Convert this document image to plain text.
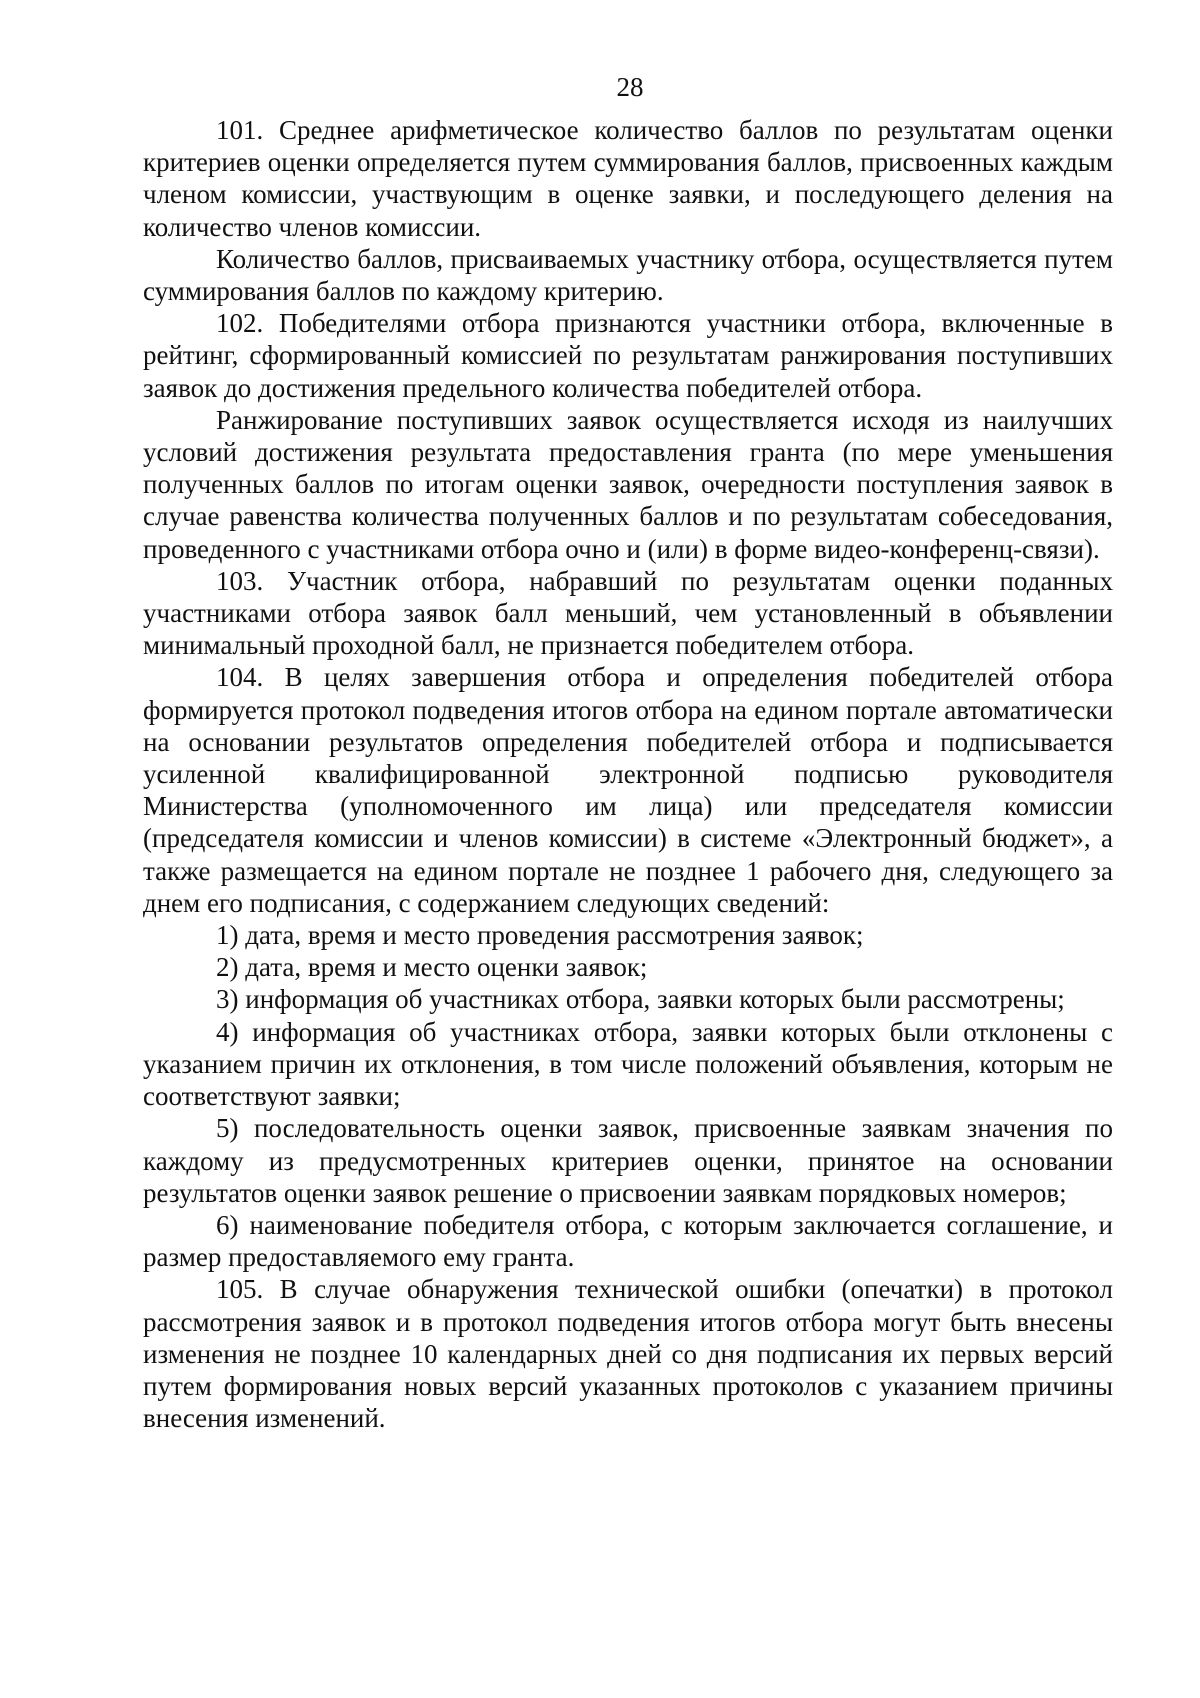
28

101. Среднее арифметическое количество баллов по результатам оценки критериев оценки определяется путем суммирования баллов, присвоенных каждым членом комиссии, участвующим в оценке заявки, и последующего деления на количество членов комиссии.

Количество баллов, присваиваемых участнику отбора, осуществляется путем суммирования баллов по каждому критерию.

102. Победителями отбора признаются участники отбора, включенные в рейтинг, сформированный комиссией по результатам ранжирования поступивших заявок до достижения предельного количества победителей отбора.

Ранжирование поступивших заявок осуществляется исходя из наилучших условий достижения результата предоставления гранта (по мере уменьшения полученных баллов по итогам оценки заявок, очередности поступления заявок в случае равенства количества полученных баллов и по результатам собеседования, проведенного с участниками отбора очно и (или) в форме видео-конференц-связи).

103. Участник отбора, набравший по результатам оценки поданных участниками отбора заявок балл меньший, чем установленный в объявлении минимальный проходной балл, не признается победителем отбора.

104. В целях завершения отбора и определения победителей отбора формируется протокол подведения итогов отбора на едином портале автоматически на основании результатов определения победителей отбора и подписывается усиленной квалифицированной электронной подписью руководителя Министерства (уполномоченного им лица) или председателя комиссии (председателя комиссии и членов комиссии) в системе «Электронный бюджет», а также размещается на едином портале не позднее 1 рабочего дня, следующего за днем его подписания, с содержанием следующих сведений:

1) дата, время и место проведения рассмотрения заявок;

2) дата, время и место оценки заявок;

3) информация об участниках отбора, заявки которых были рассмотрены;

4) информация об участниках отбора, заявки которых были отклонены с указанием причин их отклонения, в том числе положений объявления, которым не соответствуют заявки;

5) последовательность оценки заявок, присвоенные заявкам значения по каждому из предусмотренных критериев оценки, принятое на основании результатов оценки заявок решение о присвоении заявкам порядковых номеров;

6) наименование победителя отбора, с которым заключается соглашение, и размер предоставляемого ему гранта.

105. В случае обнаружения технической ошибки (опечатки) в протокол рассмотрения заявок и в протокол подведения итогов отбора могут быть внесены изменения не позднее 10 календарных дней со дня подписания их первых версий путем формирования новых версий указанных протоколов с указанием причины внесения изменений.
